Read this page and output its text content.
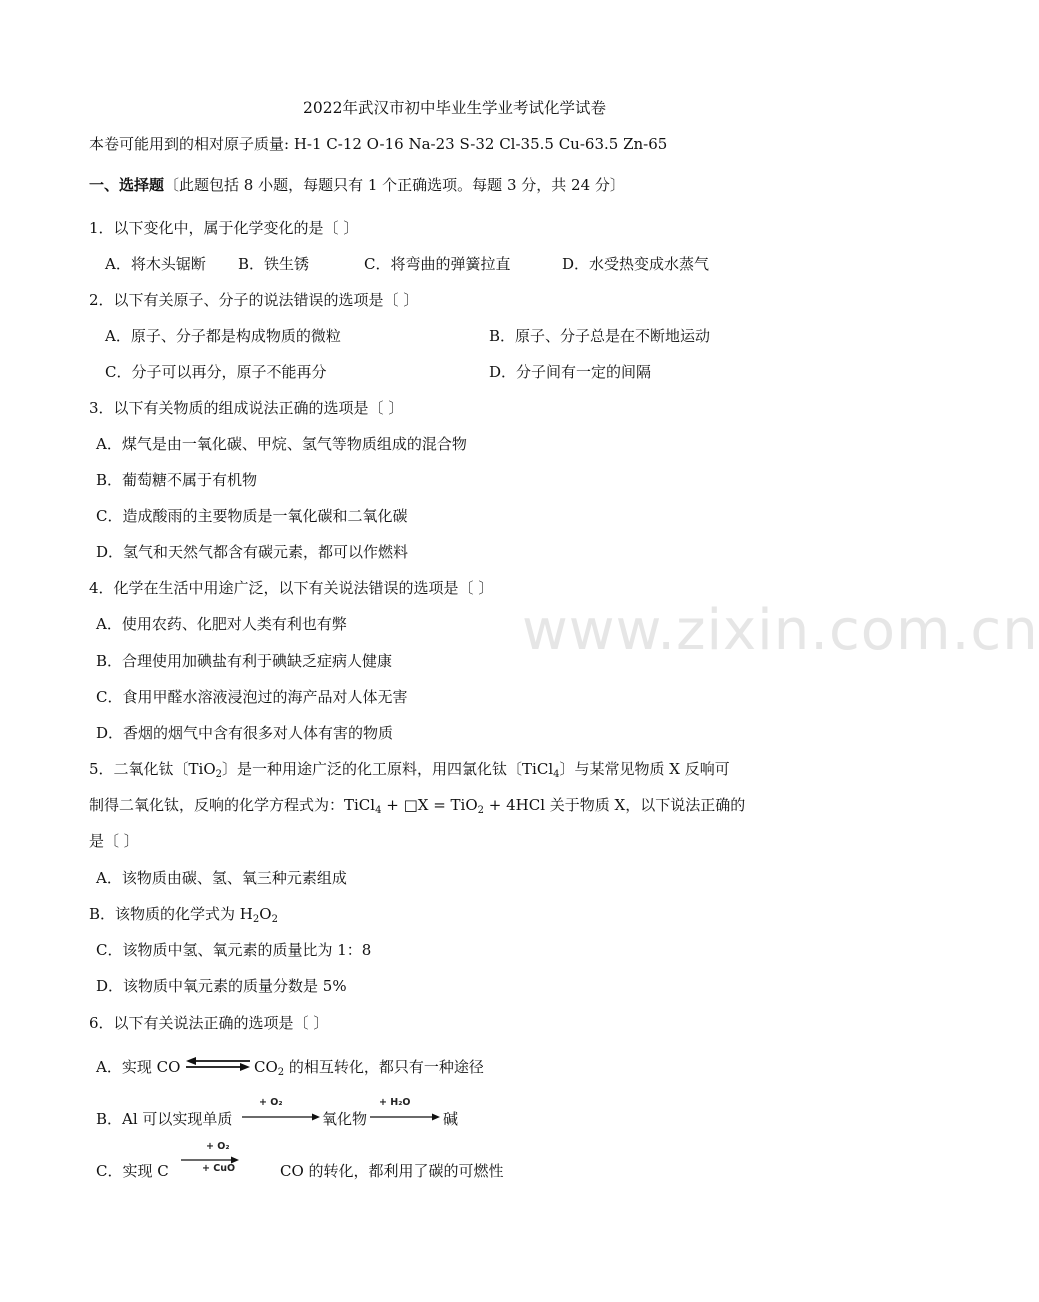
www.zixin.com.cn
2022年武汉市初中毕业生学业考试化学试卷
本卷可能用到的相对原子质量: H-1 C-12 O-16 Na-23 S-32 Cl-35.5 Cu-63.5 Zn-65
一、选择题〔此题包括 8 小题，每题只有 1 个正确选项。每题 3 分，共 24 分〕
1．以下变化中，属于化学变化的是〔 〕
A．将木头锯断 B．铁生锈	C．将弯曲的弹簧拉直	D．水受热变成水蒸气
2．以下有关原子、分子的说法错误的选项是〔 〕
A．原子、分子都是构成物质的微粒	B．原子、分子总是在不断地运动
C．分子可以再分，原子不能再分	D．分子间有一定的间隔
3．以下有关物质的组成说法正确的选项是〔 〕
A．煤气是由一氧化碳、甲烷、氢气等物质组成的混合物
B．葡萄糖不属于有机物
C．造成酸雨的主要物质是一氧化碳和二氧化碳
D．氢气和天然气都含有碳元素，都可以作燃料
4．化学在生活中用途广泛，以下有关说法错误的选项是〔 〕
A．使用农药、化肥对人类有利也有弊
B．合理使用加碘盐有利于碘缺乏症病人健康
C．食用甲醛水溶液浸泡过的海产品对人体无害
D．香烟的烟气中含有很多对人体有害的物质
5．二氧化钛〔TiO$_2$〕是一种用途广泛的化工原料，用四氯化钛〔TiCl$_4$〕与某常见物质 X 反响可
制得二氧化钛，反响的化学方程式为：TiCl$_4$ + □X = TiO$_2$ + 4HCl 关于物质 X，以下说法正确的
是〔 〕
A．该物质由碳、氢、氧三种元素组成
B．该物质的化学式为 $H_2O_2$
C．该物质中氢、氧元素的质量比为 1：8
D．该物质中氧元素的质量分数是 5%
6．以下有关说法正确的选项是〔 〕
A．实现 CO	$CO_2$ 的相互转化，都只有一种途径
B．Al 可以实现单质
+ O₂
氧化物
+ H₂O
碱
C．实现 C
+ O₂
+ CuO	CO 的转化，都利用了碳的可燃性
